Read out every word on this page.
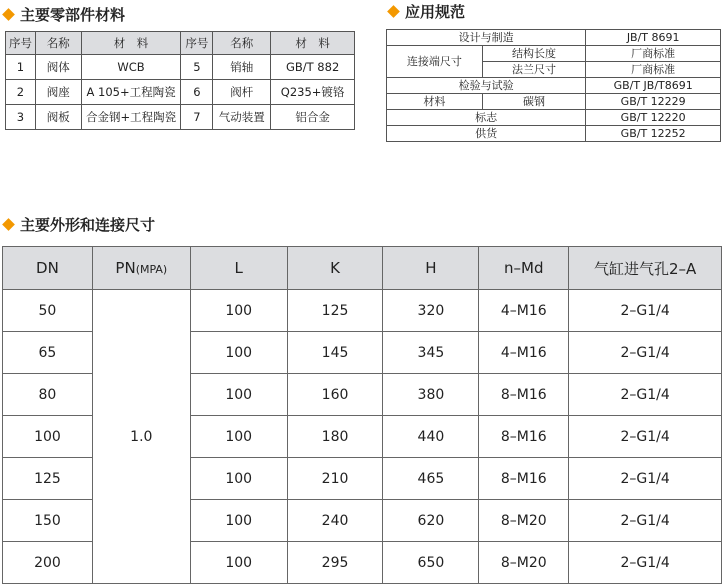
主要零部件材料
序号	名称	材　料	序号	名称	材　料
1	阀体	WCB	5	销轴	GB/T 882
2	阀座	A 105+工程陶瓷	6	阀杆	Q235+镀铬
3	阀板	合金钢+工程陶瓷	7	气动装置	铝合金
应用规范
设计与制造		JB/T 8691
连接端尺寸	结构长度	厂商标准
	法兰尺寸	厂商标准
检验与试验		GB/T JB/T8691
材料	碳钢	GB/T 12229
标志		GB/T 12220
供货		GB/T 12252
主要外形和连接尺寸
DN	PN(MPA)	L	K	H	n–Md	气缸进气孔2–A
50	1.0	100	125	320	4–M16	2–G1/4
65		100	145	345	4–M16	2–G1/4
80		100	160	380	8–M16	2–G1/4
100		100	180	440	8–M16	2–G1/4
125		100	210	465	8–M16	2–G1/4
150		100	240	620	8–M20	2–G1/4
200		100	295	650	8–M20	2–G1/4
